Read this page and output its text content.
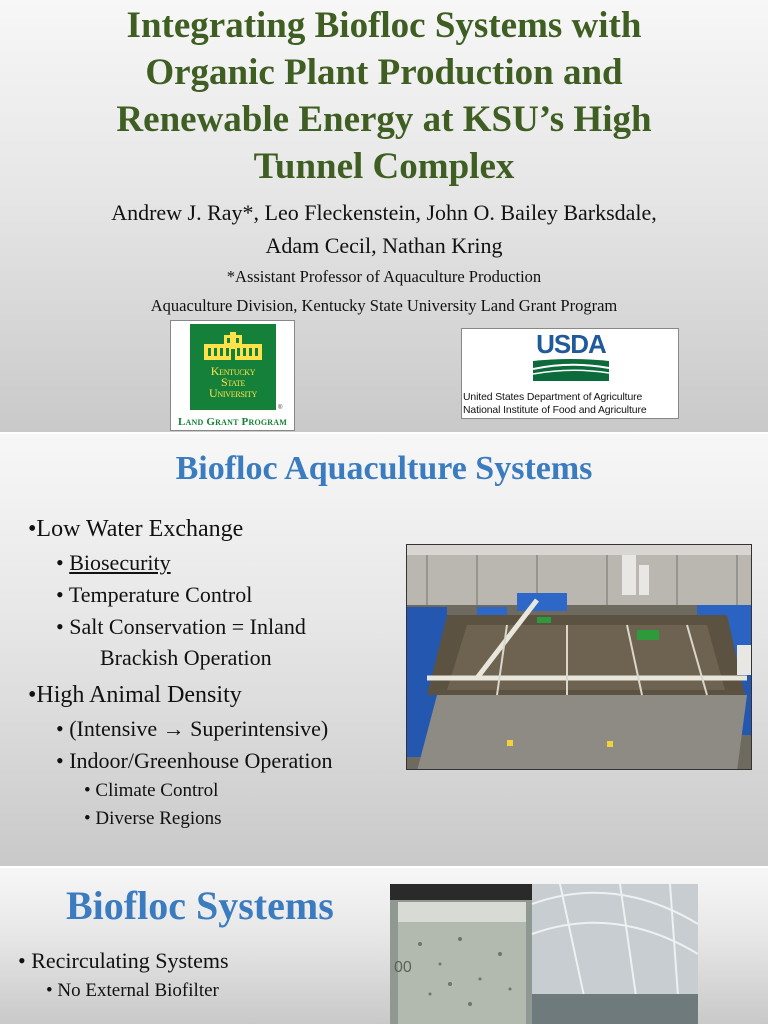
Integrating Biofloc Systems with
Organic Plant Production and
Renewable Energy at KSU’s High
Tunnel Complex
Andrew J. Ray*, Leo Fleckenstein, John O. Bailey Barksdale,
Adam Cecil, Nathan Kring
*Assistant Professor of Aquaculture Production
Aquaculture Division, Kentucky State University Land Grant Program
Kentucky
State
University
®
Land Grant Program
USDA
United States Department of Agriculture
National Institute of Food and Agriculture
Biofloc Aquaculture Systems
•Low Water Exchange
• Biosecurity
• Temperature Control
• Salt Conservation = Inland
Brackish Operation
•High Animal Density
• (Intensive → Superintensive)
• Indoor/Greenhouse Operation
• Climate Control
• Diverse Regions
Biofloc Systems
• Recirculating Systems
• No External Biofilter
00
